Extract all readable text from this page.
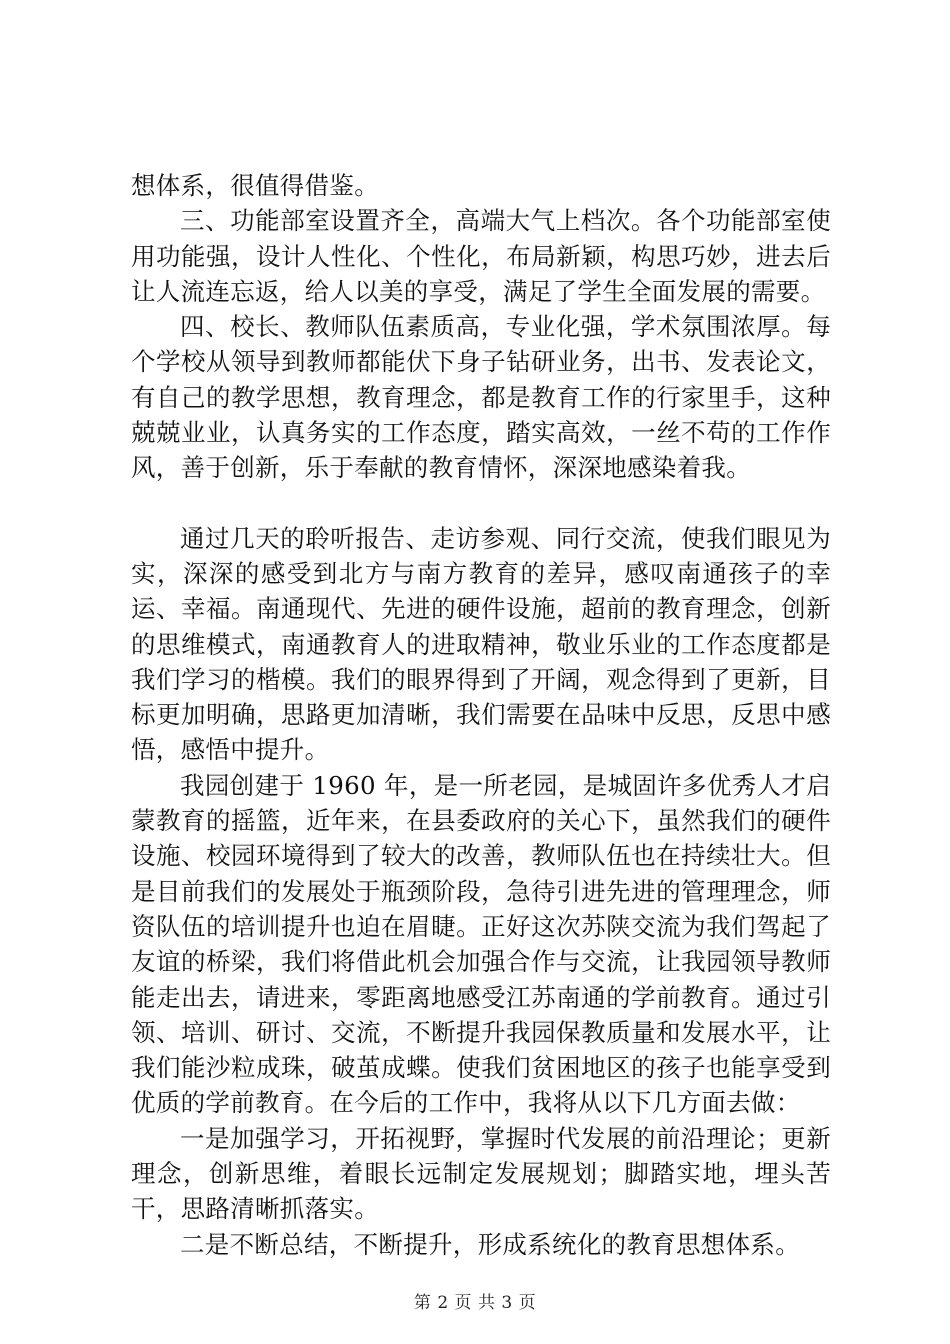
想体系，很值得借鉴。

三、功能部室设置齐全，高端大气上档次。各个功能部室使用功能强，设计人性化、个性化，布局新颖，构思巧妙，进去后让人流连忘返，给人以美的享受，满足了学生全面发展的需要。

四、校长、教师队伍素质高，专业化强，学术氛围浓厚。每个学校从领导到教师都能伏下身子钻研业务，出书、发表论文，有自己的教学思想，教育理念，都是教育工作的行家里手，这种兢兢业业，认真务实的工作态度，踏实高效，一丝不苟的工作作风，善于创新，乐于奉献的教育情怀，深深地感染着我。

通过几天的聆听报告、走访参观、同行交流，使我们眼见为实，深深的感受到北方与南方教育的差异，感叹南通孩子的幸运、幸福。南通现代、先进的硬件设施，超前的教育理念，创新的思维模式，南通教育人的进取精神，敬业乐业的工作态度都是我们学习的楷模。我们的眼界得到了开阔，观念得到了更新，目标更加明确，思路更加清晰，我们需要在品味中反思，反思中感悟，感悟中提升。

我园创建于 1960 年，是一所老园，是城固许多优秀人才启蒙教育的摇篮，近年来，在县委政府的关心下，虽然我们的硬件设施、校园环境得到了较大的改善，教师队伍也在持续壮大。但是目前我们的发展处于瓶颈阶段，急待引进先进的管理理念，师资队伍的培训提升也迫在眉睫。正好这次苏陕交流为我们驾起了友谊的桥梁，我们将借此机会加强合作与交流，让我园领导教师能走出去，请进来，零距离地感受江苏南通的学前教育。通过引领、培训、研讨、交流，不断提升我园保教质量和发展水平，让我们能沙粒成珠，破茧成蝶。使我们贫困地区的孩子也能享受到优质的学前教育。在今后的工作中，我将从以下几方面去做：

一是加强学习，开拓视野，掌握时代发展的前沿理论；更新理念，创新思维，着眼长远制定发展规划；脚踏实地，埋头苦干，思路清晰抓落实。

二是不断总结，不断提升，形成系统化的教育思想体系。

第 2 页 共 3 页
